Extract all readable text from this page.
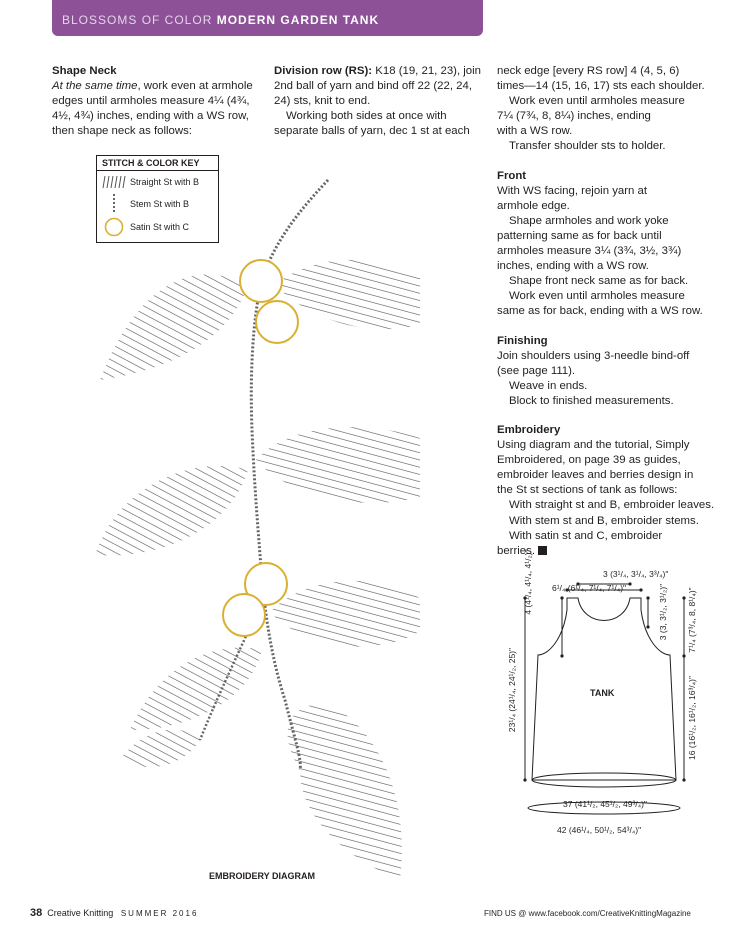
BLOSSOMS OF COLOR MODERN GARDEN TANK
Shape Neck

At the same time, work even at armhole

edges until armholes measure 4¼ (4¾,

4½, 4¾) inches, ending with a WS row,

then shape neck as follows:

Division row (RS): K18 (19, 21, 23), join

2nd ball of yarn and bind off 22 (22, 24,

24) sts, knit to end.

Working both sides at once with

separate balls of yarn, dec 1 st at each

neck edge [every RS row] 4 (4, 5, 6)

times—14 (15, 16, 17) sts each shoulder.

Work even until armholes measure

7¼ (7¾, 8, 8¼) inches, ending

with a WS row.

Transfer shoulder sts to holder.

Front

With WS facing, rejoin yarn at

armhole edge.

Shape armholes and work yoke

patterning same as for back until

armholes measure 3¼ (3¾, 3½, 3¾)

inches, ending with a WS row.

Shape front neck same as for back.

Work even until armholes measure

same as for back, ending with a WS row.

Finishing

Join shoulders using 3-needle bind-off

(see page 111).

Weave in ends.

Block to finished measurements.

Embroidery

Using diagram and the tutorial, Simply

Embroidered, on page 39 as guides,

embroider leaves and berries design in

the St st sections of tank as follows:

With straight st and B, embroider leaves.

With stem st and B, embroider stems.

With satin st and C, embroider

berries.

STITCH & COLOR KEY
Straight St with B
Stem St with B
Satin St with C
EMBROIDERY DIAGRAM
TANK
3 (3¹/₄, 3¹/₄, 3³/₄)"
6¹/₄ (6¹/₄, 7¹/₄, 7¹/₄)"
37 (41¹/₂, 45¹/₂, 49³/₄)"
42 (46¹/₄, 50¹/₂, 54³/₄)"
4 (4¹/₄, 4¹/₄, 4¹/₂)"
23¹/₄ (24¹/₄, 24¹/₂, 25)"
3 (3, 3¹/₂, 3¹/₂)" 7¹/₄ (7³/₄, 8, 8¹/₄)"
16 (16¹/₂, 16¹/₂, 16³/₄)"
38 Creative Knitting SUMMER 2016	FIND US @ www.facebook.com/CreativeKnittingMagazine
